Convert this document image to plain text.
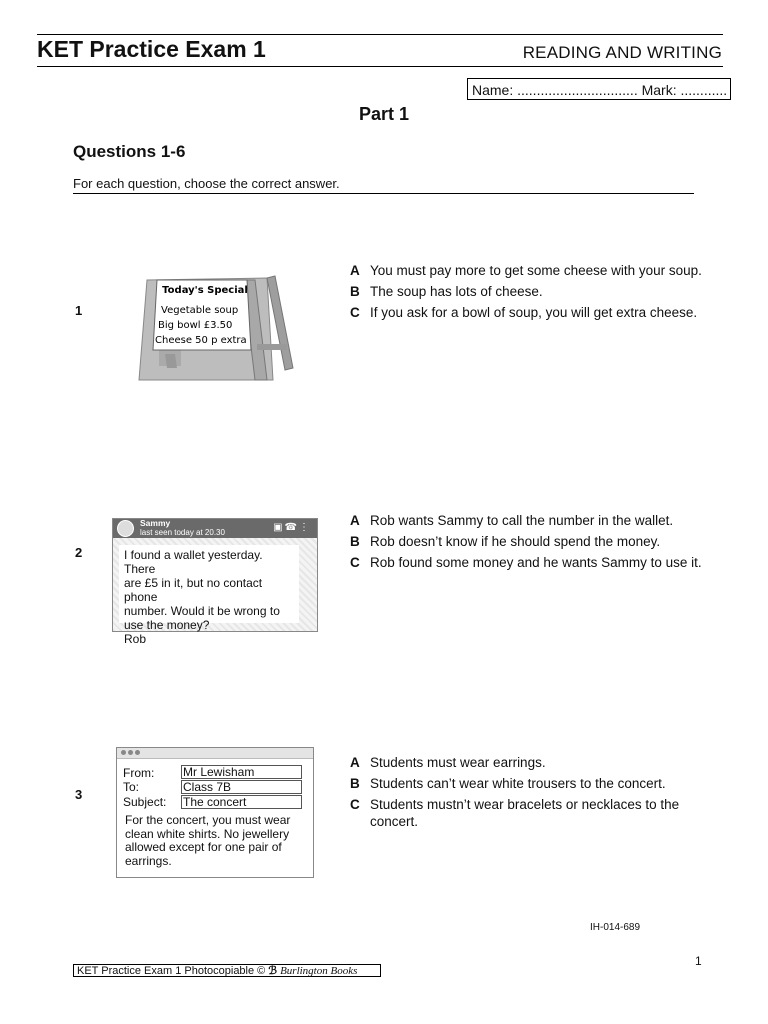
KET Practice Exam 1	READING AND WRITING
Name: ............................... Mark: ............
Part 1
Questions 1-6
For each question, choose the correct answer.
1
Today's Special
Vegetable soup
Big bowl £3.50
Cheese 50 p extra
A You must pay more to get some cheese with your soup.
B The soup has lots of cheese.
C If you ask for a bowl of soup, you will get extra cheese.
2
Sammy
last seen today at 20.30	▣☎⋮
I found a wallet yesterday. There
are £5 in it, but no contact phone
number. Would it be wrong to
use the money?
Rob
A Rob wants Sammy to call the number in the wallet.
B Rob doesn’t know if he should spend the money.
C Rob found some money and he wants Sammy to use it.
3
From: Mr Lewisham
To:	Class 7B
Subject: The concert
For the concert, you must wear
clean white shirts. No jewellery
allowed except for one pair of
earrings.
A Students must wear earrings.
B Students can’t wear white trousers to the concert.
C Students mustn’t wear bracelets or necklaces to the concert.
IH-014-689
1
KET Practice Exam 1 Photocopiable © ℬ Burlington Books
